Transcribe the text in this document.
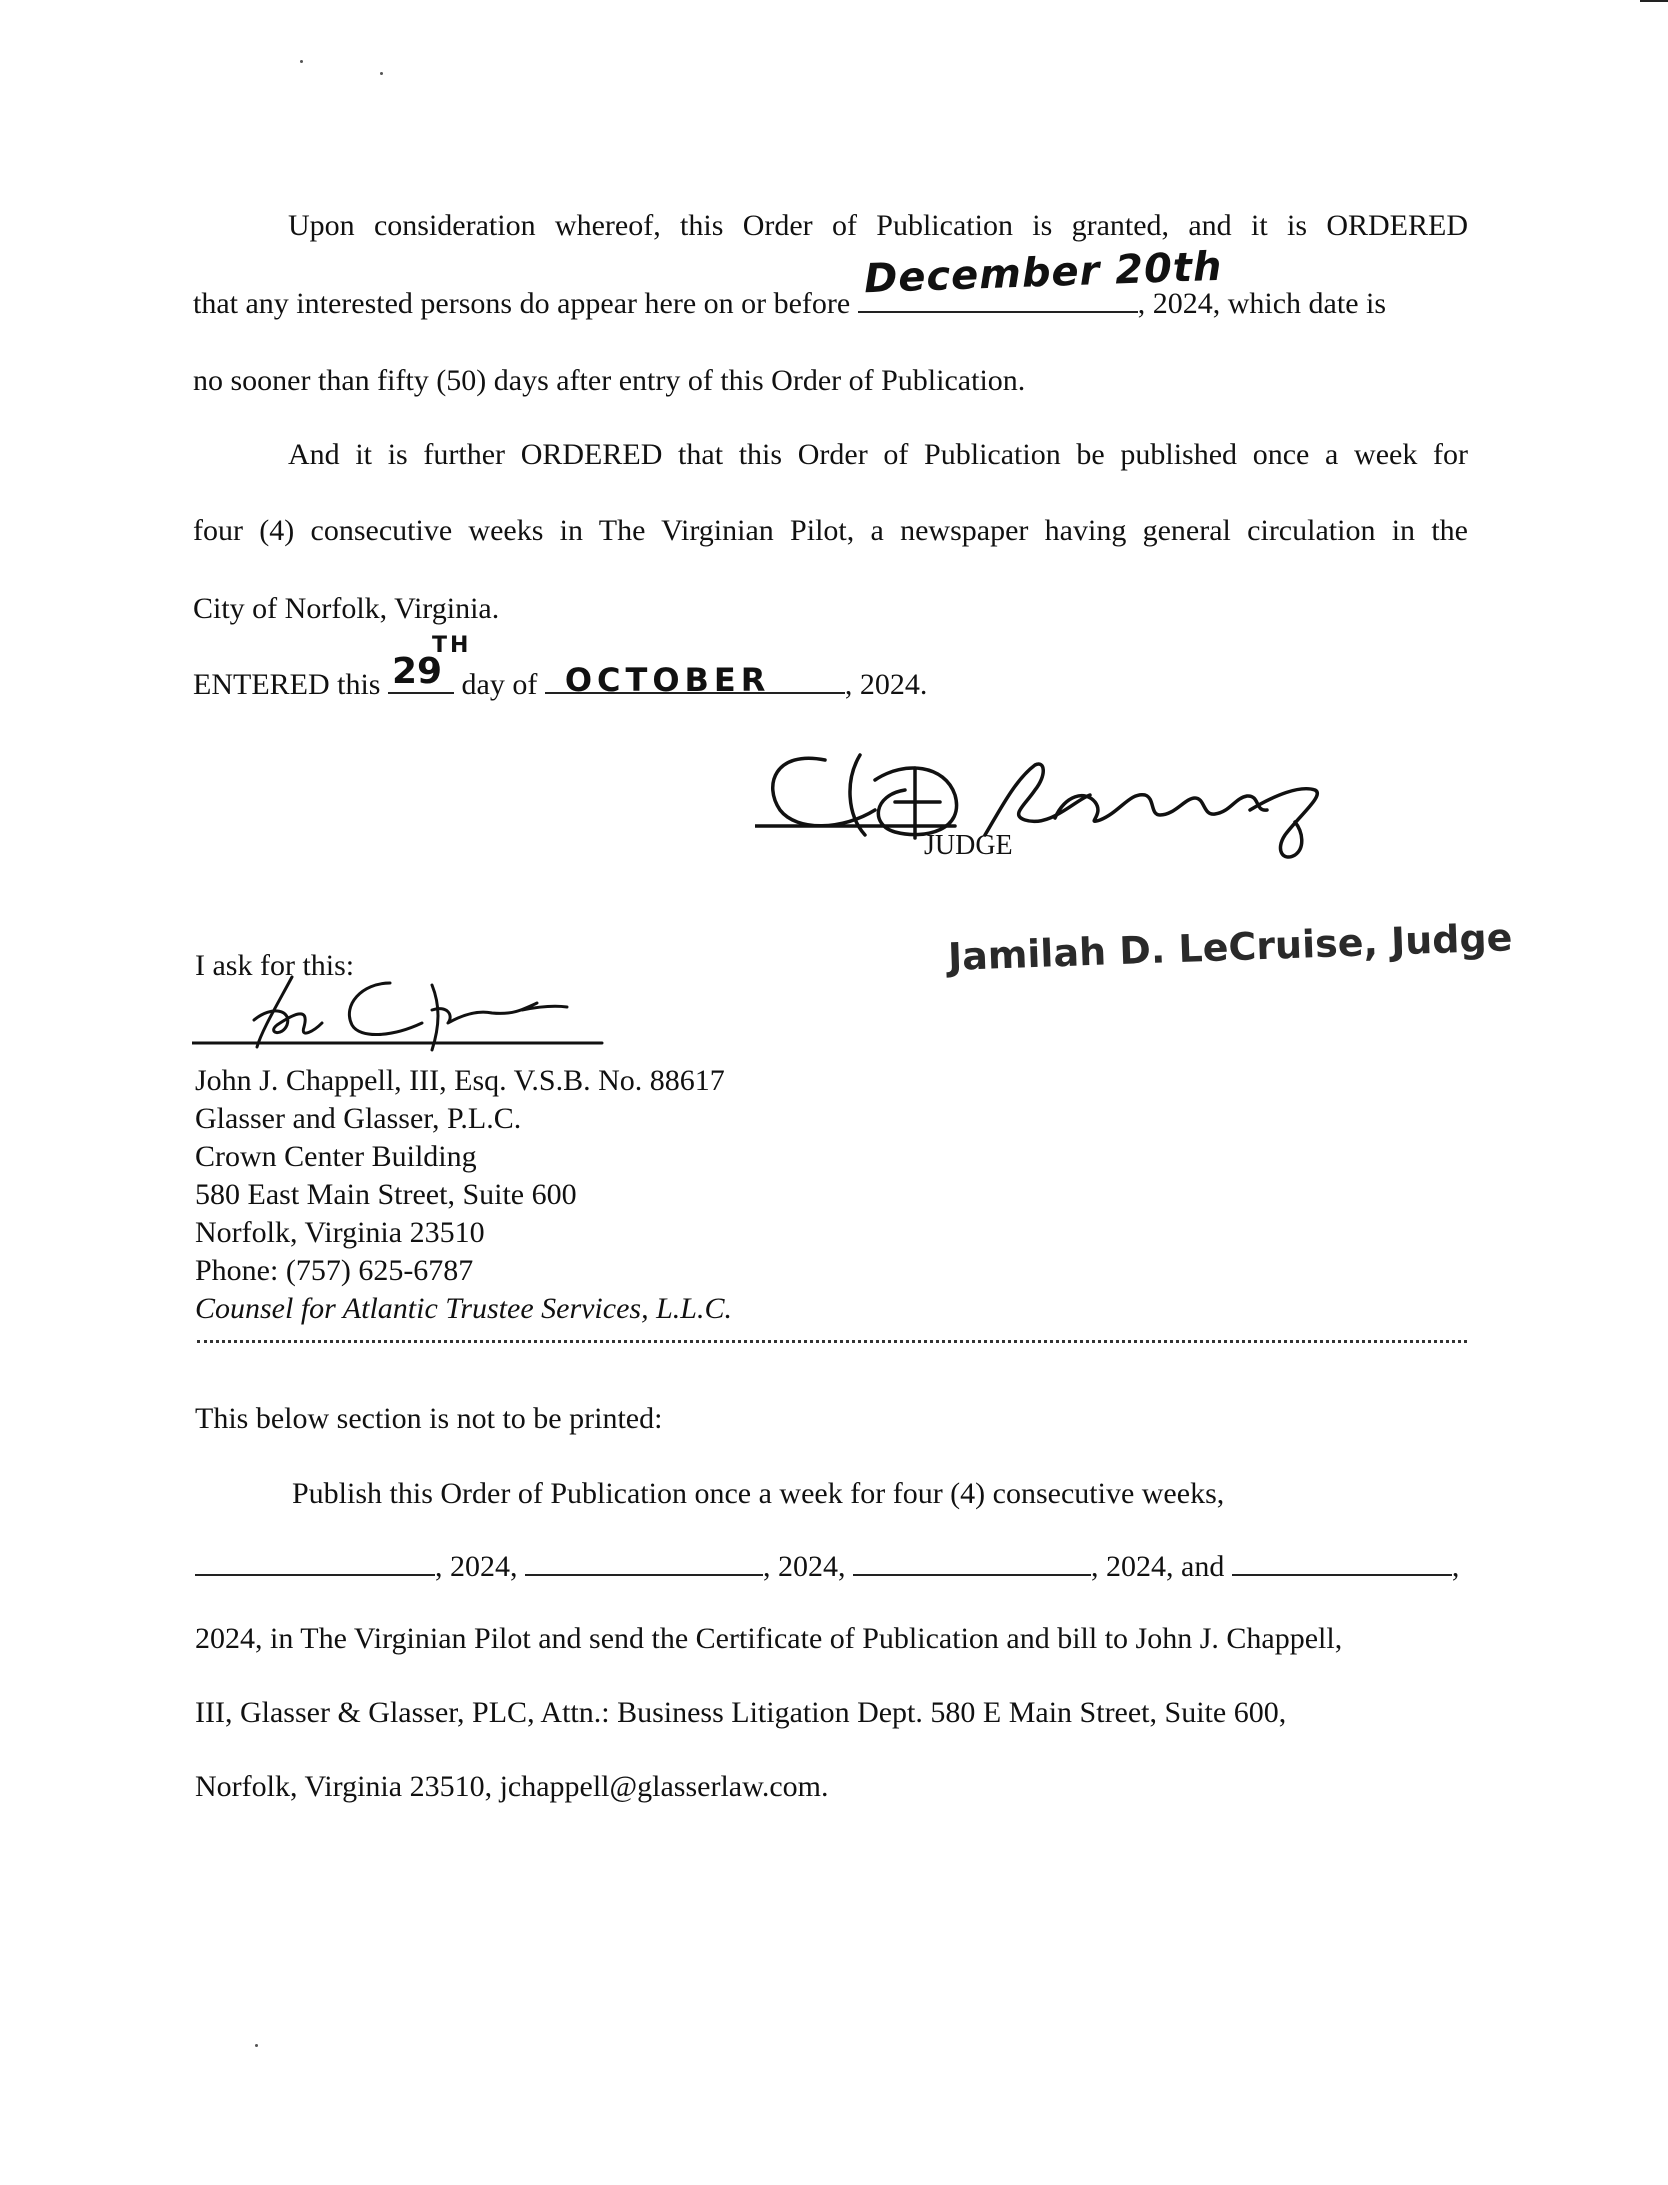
Upon consideration whereof, this Order of Publication is granted, and it is ORDERED
that any interested persons do appear here on or before
December 20th
, 2024, which date is
no sooner than fifty (50) days after entry of this Order of Publication.
And it is further ORDERED that this Order of Publication be published once a week for
four (4) consecutive weeks in The Virginian Pilot, a newspaper having general circulation in the
City of Norfolk, Virginia.
ENTERED this 29
TH
day of OCTOBER , 2024.
JUDGE
Jamilah D. LeCruise, Judge
I ask for this:
John J. Chappell, III, Esq. V.S.B. No. 88617
Glasser and Glasser, P.L.C.
Crown Center Building
580 East Main Street, Suite 600
Norfolk, Virginia 23510
Phone: (757) 625-6787
Counsel for Atlantic Trustee Services, L.L.C.
This below section is not to be printed:
Publish this Order of Publication once a week for four (4) consecutive weeks,
, 2024,	, 2024,	, 2024, and	,
2024, in The Virginian Pilot and send the Certificate of Publication and bill to John J. Chappell,
III, Glasser & Glasser, PLC, Attn.: Business Litigation Dept. 580 E Main Street, Suite 600,
Norfolk, Virginia 23510, jchappell@glasserlaw.com.
